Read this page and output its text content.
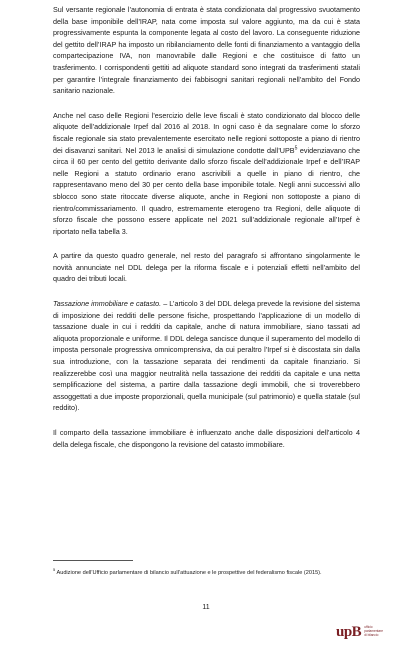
Sul versante regionale l’autonomia di entrata è stata condizionata dal progressivo svuotamento della base imponibile dell’IRAP, nata come imposta sul valore aggiunto, ma da cui è stata progressivamente espunta la componente legata al costo del lavoro. La conseguente riduzione del gettito dell’IRAP ha imposto un ribilanciamento delle fonti di finanziamento a vantaggio della compartecipazione IVA, non manovrabile dalle Regioni e che costituisce di fatto un trasferimento. I corrispondenti gettiti ad aliquote standard sono integrati da trasferimenti statali per garantire l’integrale finanziamento dei fabbisogni sanitari regionali nell’ambito del Fondo sanitario nazionale.

Anche nel caso delle Regioni l’esercizio delle leve fiscali è stato condizionato dal blocco delle aliquote dell’addizionale Irpef dal 2016 al 2018. In ogni caso è da segnalare come lo sforzo fiscale regionale sia stato prevalentemente esercitato nelle regioni sottoposte a piano di rientro dei disavanzi sanitari. Nel 2013 le analisi di simulazione condotte dall’UPB$^5$ evidenziavano che circa il 60 per cento del gettito derivante dallo sforzo fiscale dell’addizionale Irpef e dell’IRAP nelle Regioni a statuto ordinario erano ascrivibili a quelle in piano di rientro, che rappresentavano meno del 30 per cento della base imponibile totale. Negli anni successivi allo sblocco sono state ritoccate diverse aliquote, anche in Regioni non sottoposte a piano di rientro/commissariamento. Il quadro, estremamente eterogeno tra Regioni, delle aliquote di sforzo fiscale che possono essere applicate nel 2021 sull’addizionale regionale all’Irpef è riportato nella tabella 3.

A partire da questo quadro generale, nel resto del paragrafo si affrontano singolarmente le novità annunciate nel DDL delega per la riforma fiscale e i potenziali effetti nell’ambito del quadro dei tributi locali.

Tassazione immobiliare e catasto. – L’articolo 3 del DDL delega prevede la revisione del sistema di imposizione dei redditi delle persone fisiche, prospettando l’applicazione di un modello di tassazione duale in cui i redditi da capitale, anche di natura immobiliare, siano tassati ad aliquota proporzionale e uniforme. Il DDL delega sancisce dunque il superamento del modello di imposta personale progressiva omnicomprensiva, da cui peraltro l’Irpef si è discostata sin dalla sua introduzione, con la tassazione separata dei rendimenti da capitale finanziario. Si realizzerebbe così una maggior neutralità nella tassazione dei redditi da capitale e una netta semplificazione del sistema, a partire dalla tassazione degli immobili, che si troverebbero assoggettati a due imposte proporzionali, quella municipale (sul patrimonio) e quella statale (sul reddito).

Il comparto della tassazione immobiliare è influenzato anche dalle disposizioni dell’articolo 4 della delega fiscale, che dispongono la revisione del catasto immobiliare.

$^5$ Audizione dell’Ufficio parlamentare di bilancio sull’attuazione e le prospettive del federalismo fiscale (2015).
11
upB ufficio
parlamentare
di bilancio
